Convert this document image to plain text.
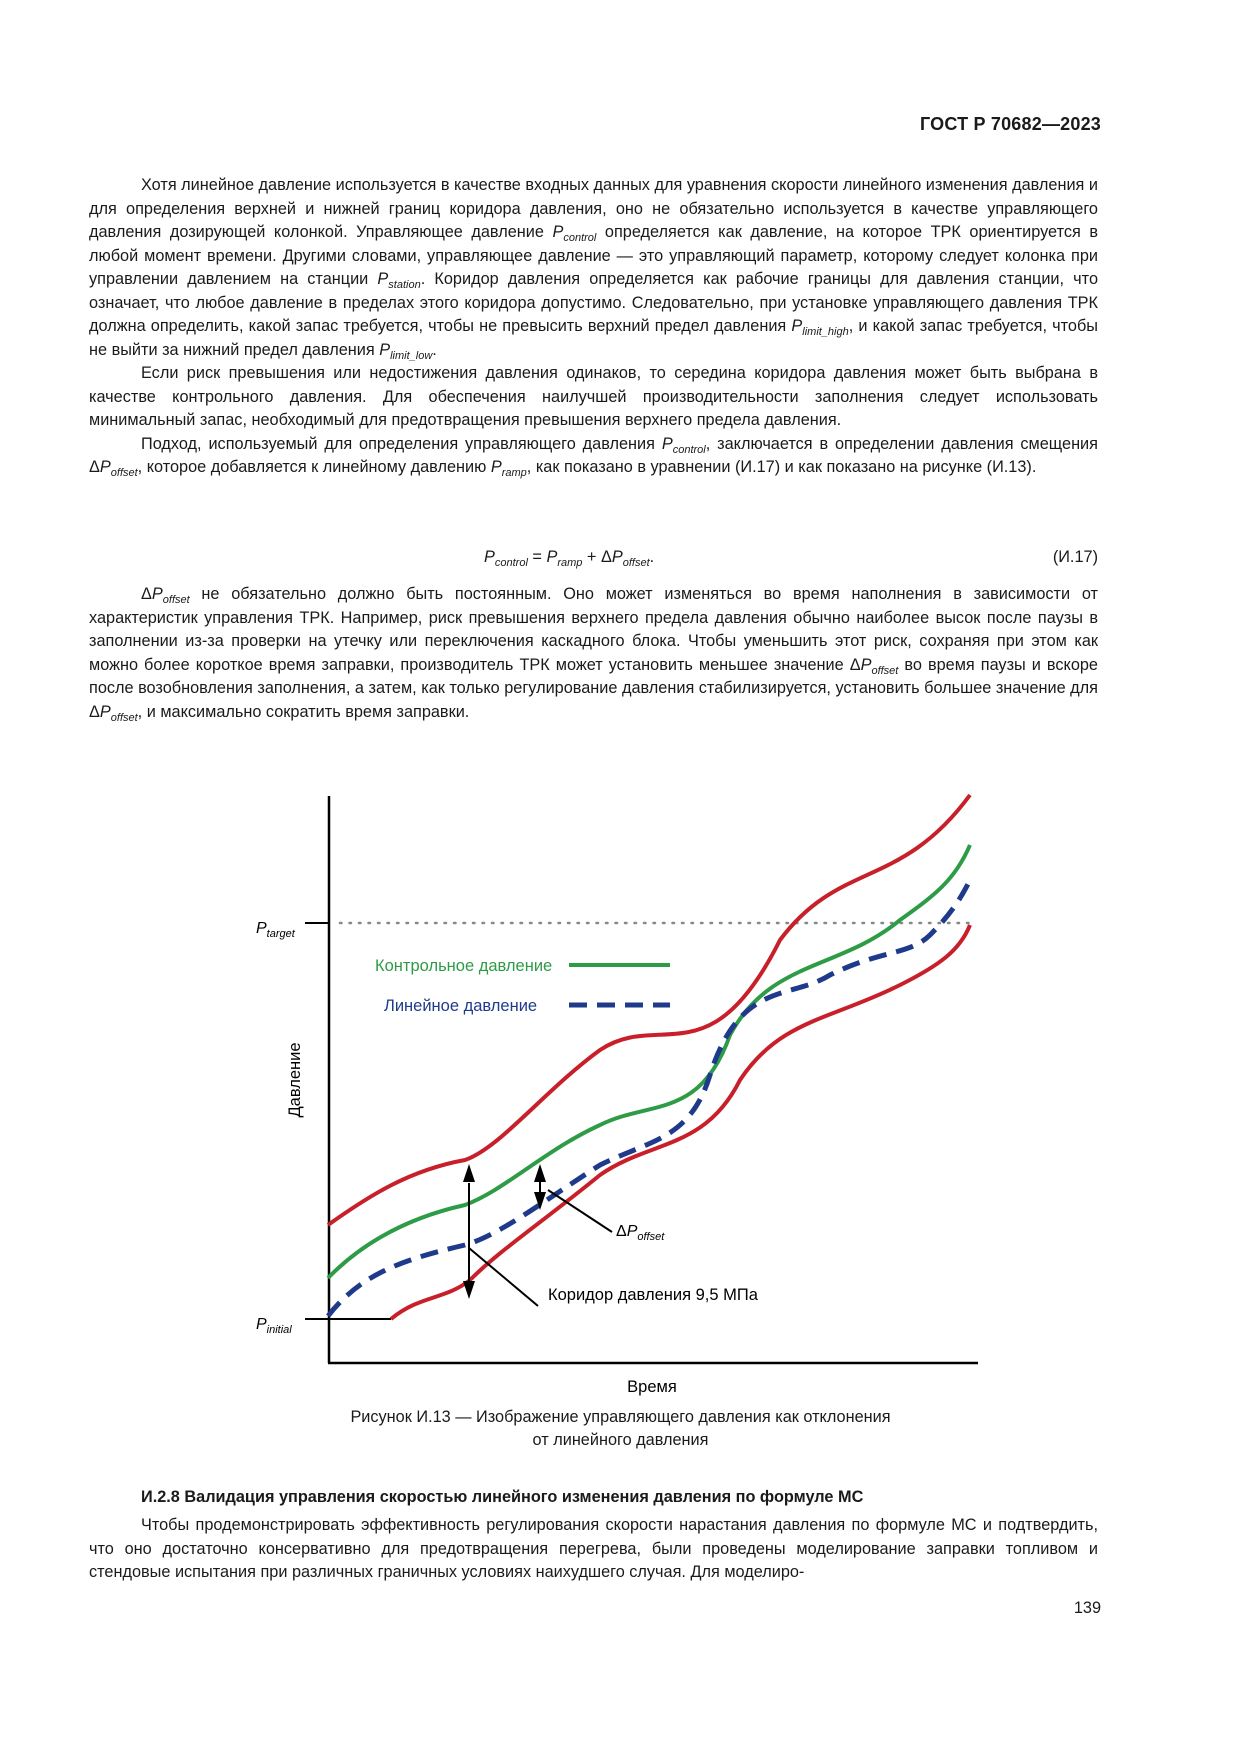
ГОСТ Р 70682—2023

Хотя линейное давление используется в качестве входных данных для уравнения скорости линейного изменения давления и для определения верхней и нижней границ коридора давления, оно не обязательно используется в качестве управляющего давления дозирующей колонкой. Управляющее давление $P_{control}$ определяется как давление, на которое ТРК ориентируется в любой момент времени. Другими словами, управляющее давление — это управляющий параметр, которому следует колонка при управлении давлением на станции $P_{station}$. Коридор давления определяется как рабочие границы для давления станции, что означает, что любое давление в пределах этого коридора допустимо. Следовательно, при установке управляющего давления ТРК должна определить, какой запас требуется, чтобы не превысить верхний предел давления $P_{limit\_high}$, и какой запас требуется, чтобы не выйти за нижний предел давления $P_{limit\_low}$.

Если риск превышения или недостижения давления одинаков, то середина коридора давления может быть выбрана в качестве контрольного давления. Для обеспечения наилучшей производительности заполнения следует использовать минимальный запас, необходимый для предотвращения превышения верхнего предела давления.

Подход, используемый для определения управляющего давления $P_{control}$, заключается в определении давления смещения $\Delta P_{offset}$, которое добавляется к линейному давлению $P_{ramp}$, как показано в уравнении (И.17) и как показано на рисунке (И.13).

$P_{control} = P_{ramp} + \Delta P_{offset}$.	(И.17)

$\Delta P_{offset}$ не обязательно должно быть постоянным. Оно может изменяться во время наполнения в зависимости от характеристик управления ТРК. Например, риск превышения верхнего предела давления обычно наиболее высок после паузы в заполнении из-за проверки на утечку или переключения каскадного блока. Чтобы уменьшить этот риск, сохраняя при этом как можно более короткое время заправки, производитель ТРК может установить меньшее значение $\Delta P_{offset}$ во время паузы и вскоре после возобновления заполнения, а затем, как только регулирование давления стабилизируется, установить большее значение для $\Delta P_{offset}$, и максимально сократить время заправки.

$P_{target}$
$P_{initial}$
Контрольное давление
Линейное давление
$\Delta P_{offset}$
Коридор давления 9,5 МПа
Давление
Время
Рисунок И.13 — Изображение управляющего давления как отклонения
от линейного давления
И.2.8 Валидация управления скоростью линейного изменения давления по формуле МС

Чтобы продемонстрировать эффективность регулирования скорости нарастания давления по формуле МС и подтвердить, что оно достаточно консервативно для предотвращения перегрева, были проведены моделирование заправки топливом и стендовые испытания при различных граничных условиях наихудшего случая. Для моделиро-

139
